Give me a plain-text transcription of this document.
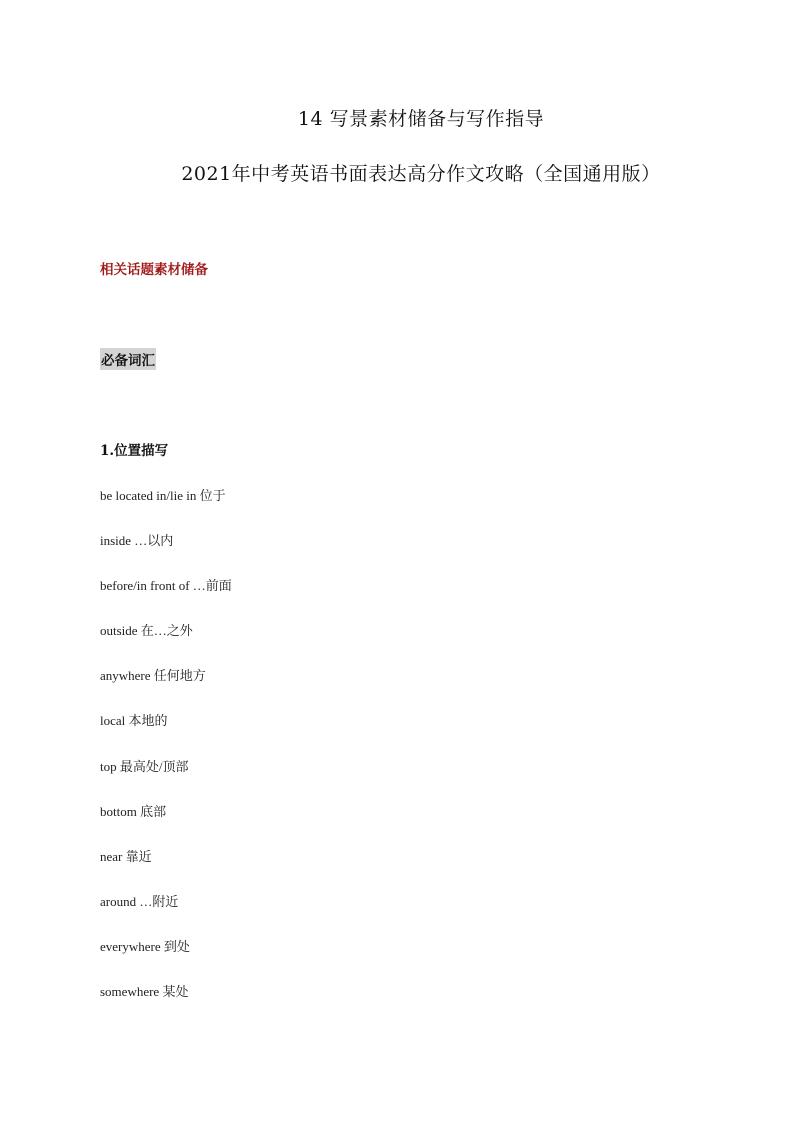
14 写景素材储备与写作指导
2021年中考英语书面表达高分作文攻略（全国通用版）
相关话题素材储备
必备词汇
1.位置描写
be located in/lie in 位于
inside …以内
before/in front of …前面
outside 在…之外
anywhere 任何地方
local 本地的
top 最高处/顶部
bottom 底部
near 靠近
around …附近
everywhere 到处
somewhere 某处
